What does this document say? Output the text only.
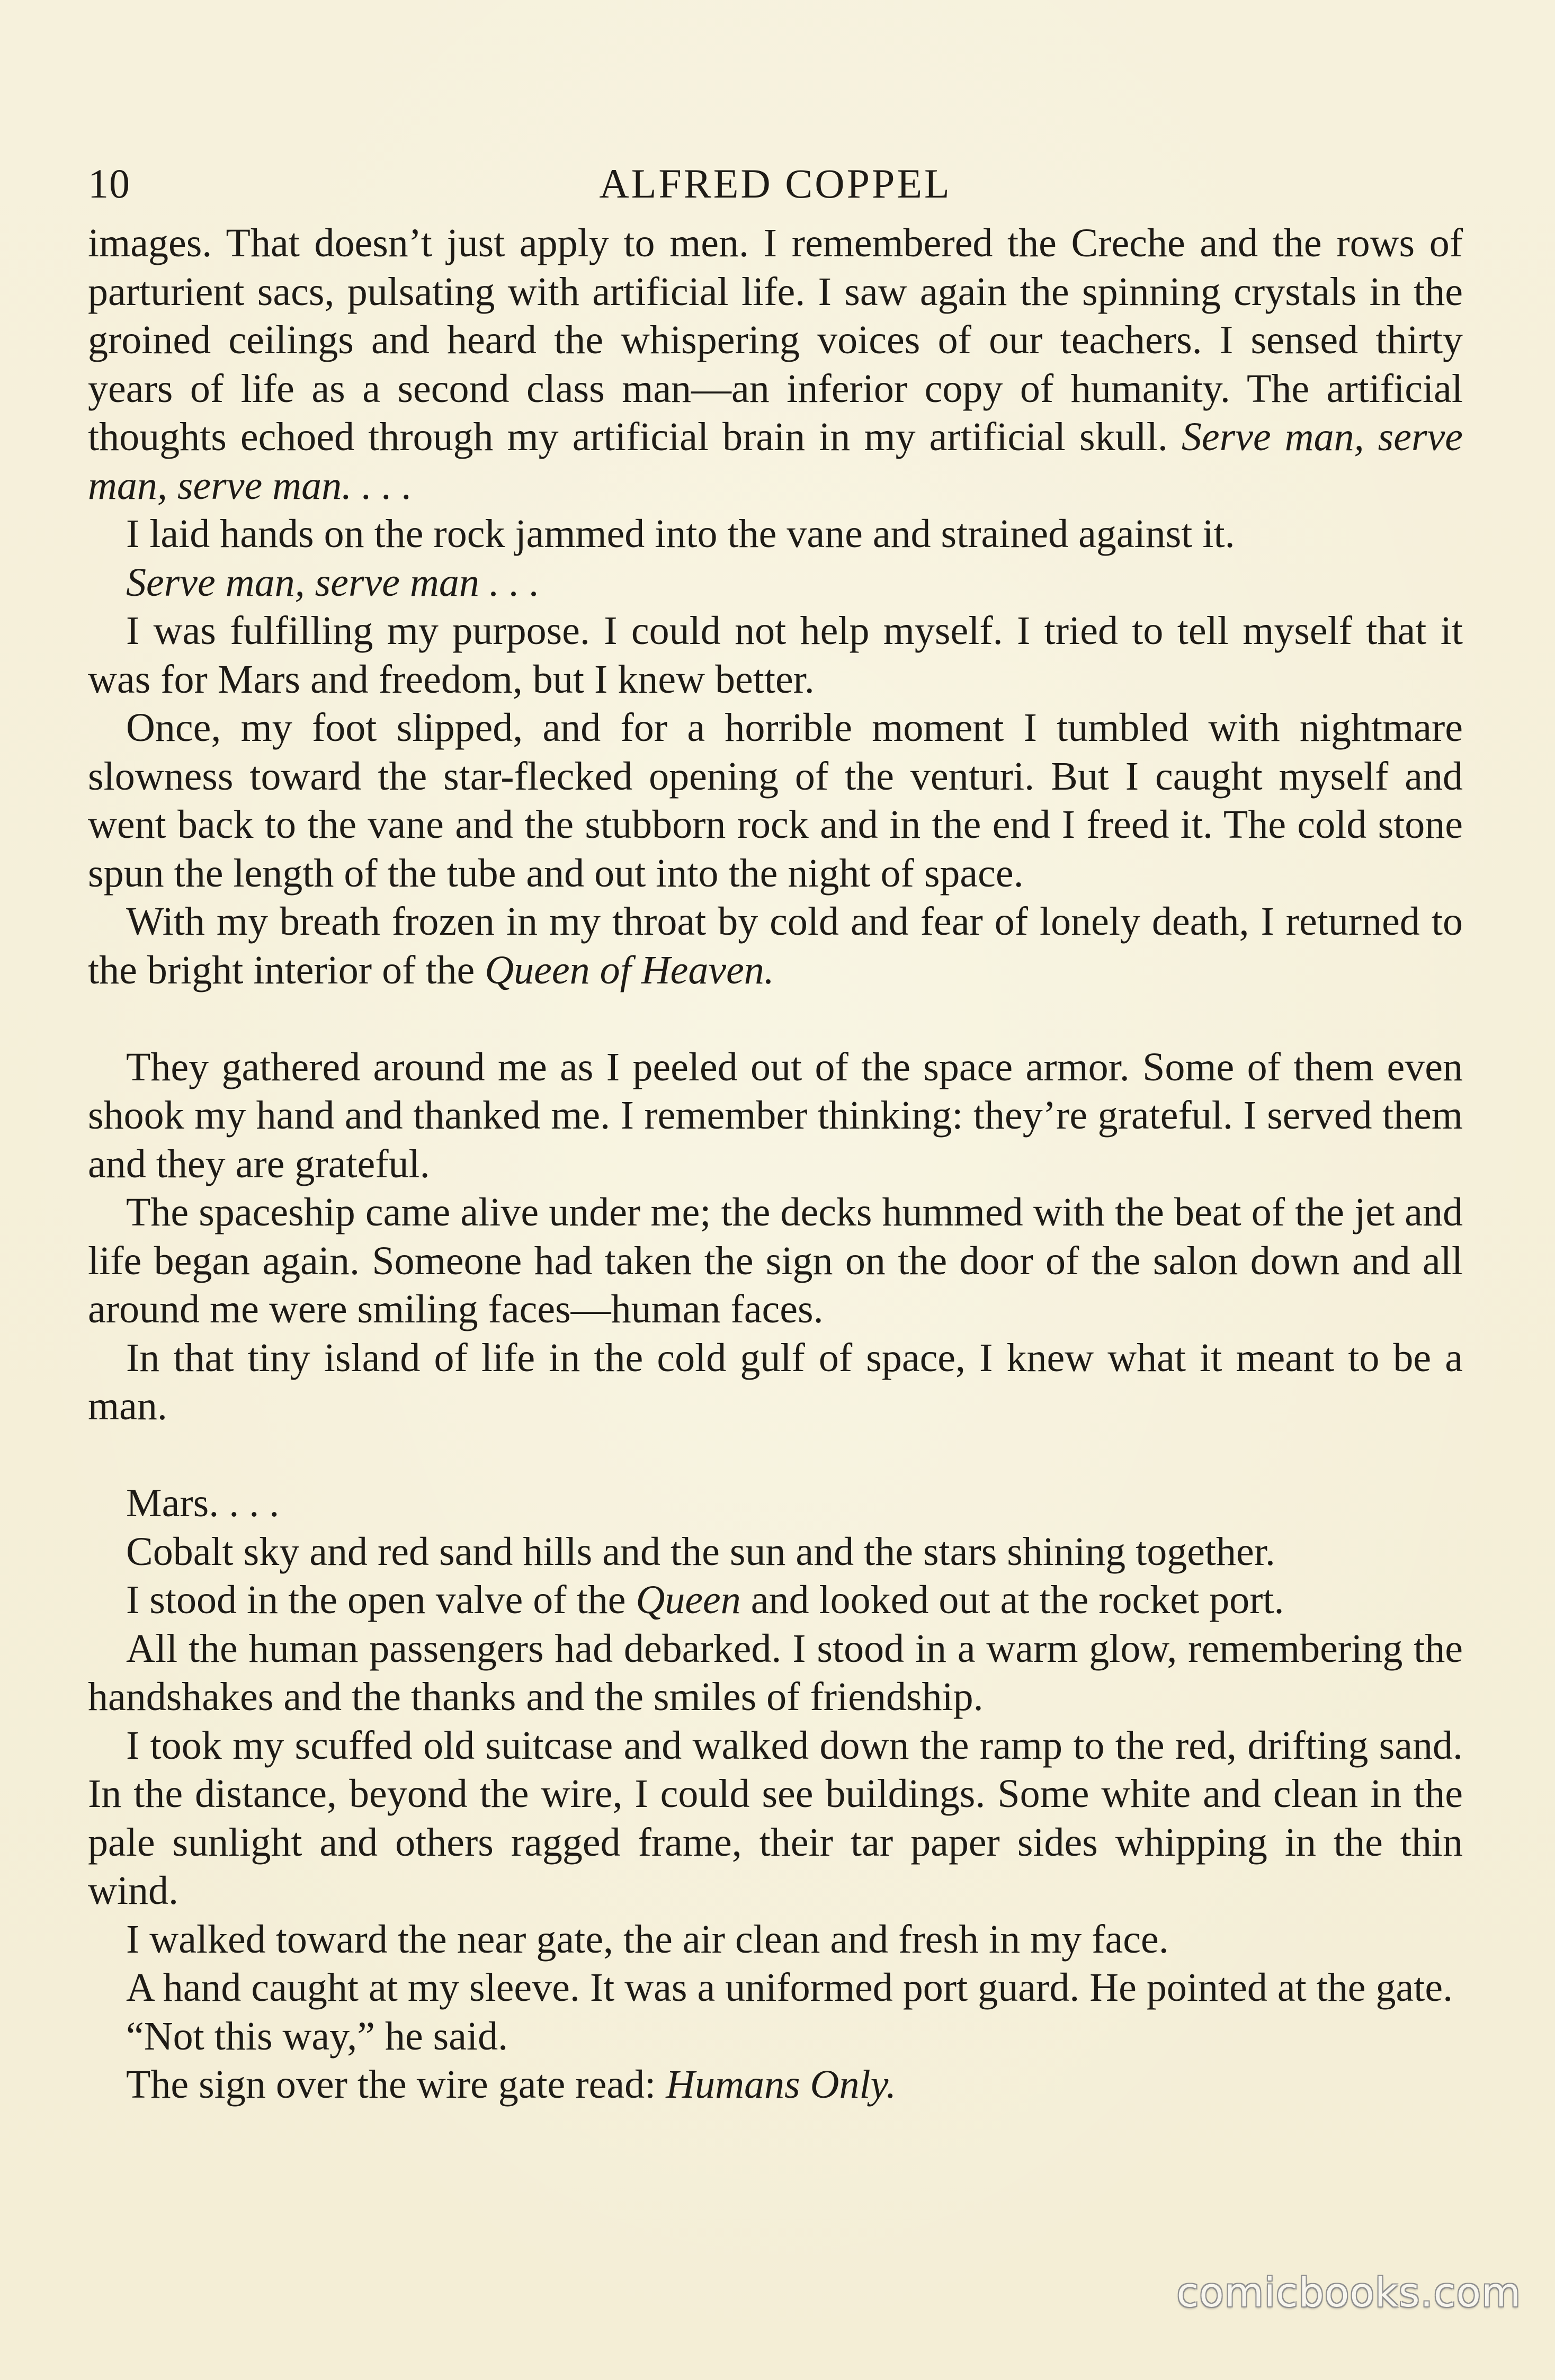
10	ALFRED COPPEL

images. That doesn’t just apply to men. I remembered the Creche and the rows of parturient sacs, pulsating with artificial life. I saw again the spinning crystals in the groined ceilings and heard the whispering voices of our teachers. I sensed thirty years of life as a second class man—an inferior copy of humanity. The artificial thoughts echoed through my artificial brain in my artificial skull. Serve man, serve man, serve man. . . .

I laid hands on the rock jammed into the vane and strained against it.

Serve man, serve man . . .

I was fulfilling my purpose. I could not help myself. I tried to tell myself that it was for Mars and freedom, but I knew better.

Once, my foot slipped, and for a horrible moment I tumbled with nightmare slowness toward the star-flecked opening of the venturi. But I caught myself and went back to the vane and the stubborn rock and in the end I freed it. The cold stone spun the length of the tube and out into the night of space.

With my breath frozen in my throat by cold and fear of lonely death, I returned to the bright interior of the Queen of Heaven.

They gathered around me as I peeled out of the space armor. Some of them even shook my hand and thanked me. I remember thinking: they’re grateful. I served them and they are grateful.

The spaceship came alive under me; the decks hummed with the beat of the jet and life began again. Someone had taken the sign on the door of the salon down and all around me were smiling faces—human faces.

In that tiny island of life in the cold gulf of space, I knew what it meant to be a man.

Mars. . . .

Cobalt sky and red sand hills and the sun and the stars shining together.

I stood in the open valve of the Queen and looked out at the rocket port.

All the human passengers had debarked. I stood in a warm glow, remembering the handshakes and the thanks and the smiles of friendship.

I took my scuffed old suitcase and walked down the ramp to the red, drifting sand. In the distance, beyond the wire, I could see buildings. Some white and clean in the pale sunlight and others ragged frame, their tar paper sides whipping in the thin wind.

I walked toward the near gate, the air clean and fresh in my face.

A hand caught at my sleeve. It was a uniformed port guard. He pointed at the gate.

“Not this way,” he said.

The sign over the wire gate read: Humans Only.

comicbooks.com
